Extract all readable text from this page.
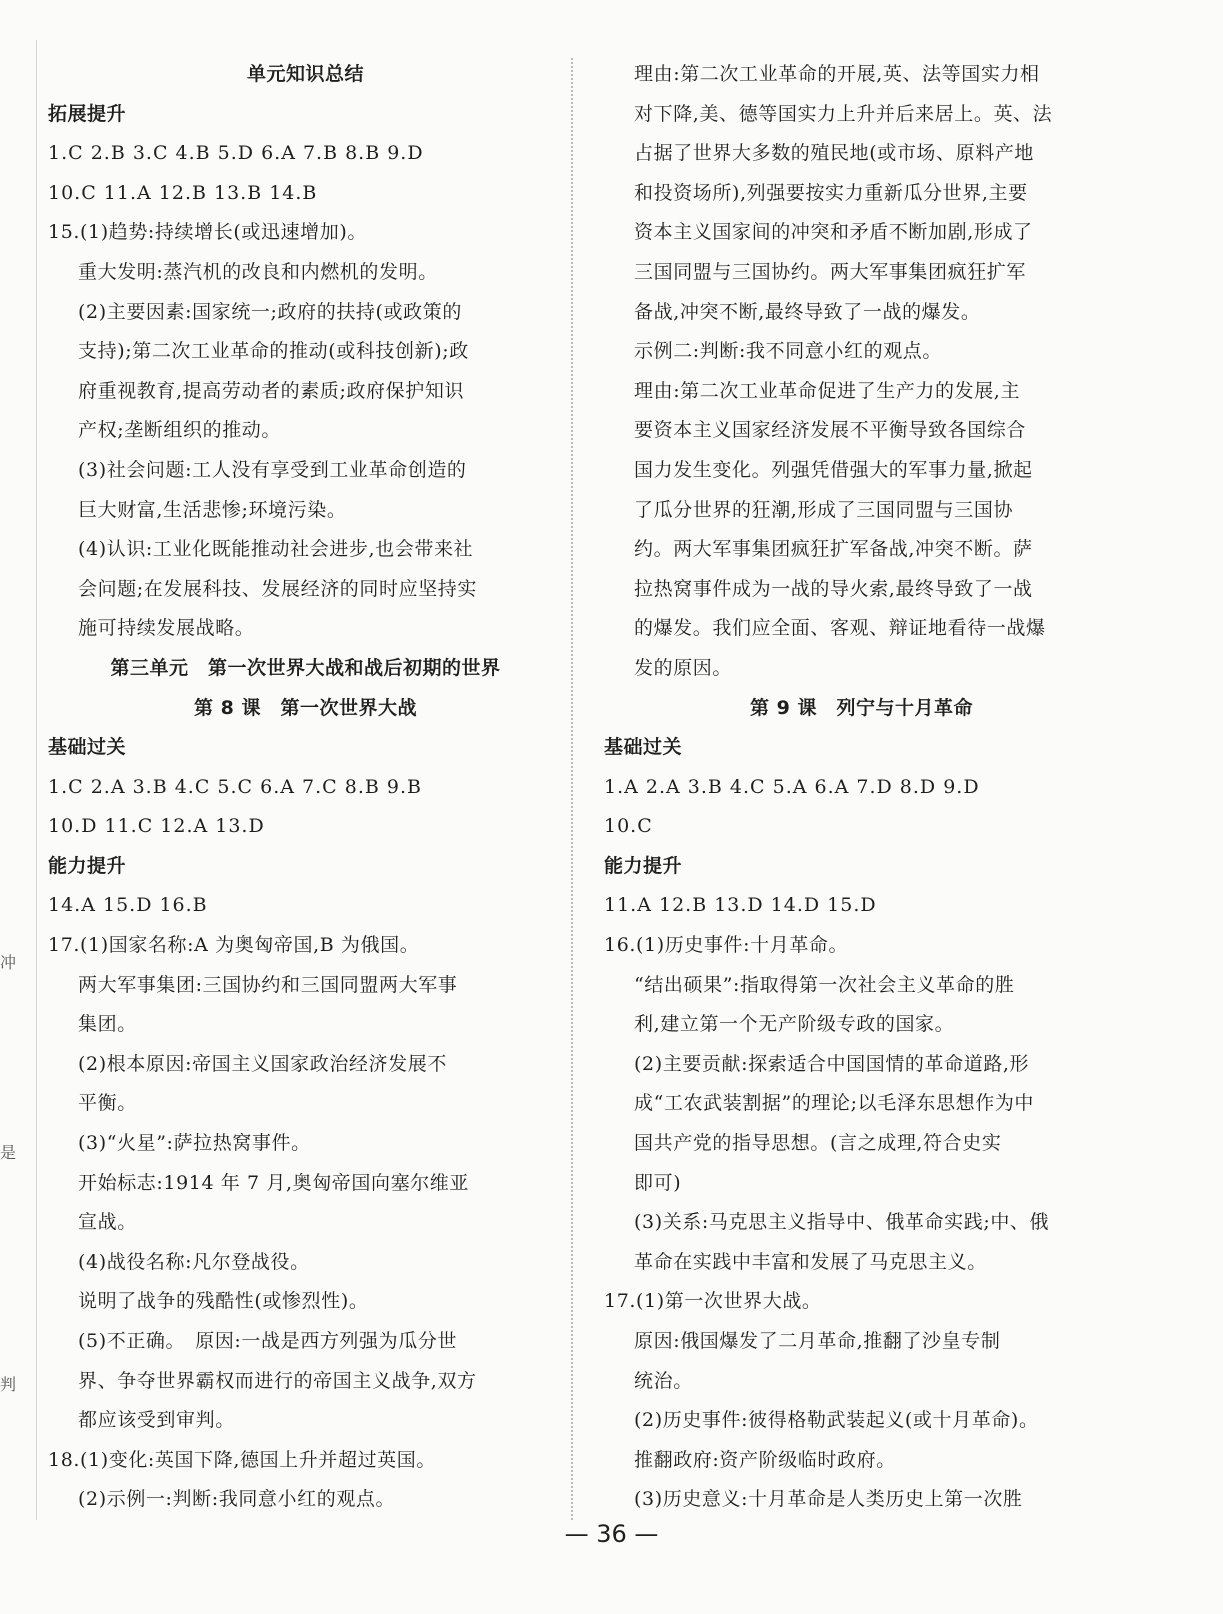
单元知识总结
拓展提升
1.C 2.B 3.C 4.B 5.D 6.A 7.B 8.B 9.D
10.C 11.A 12.B 13.B 14.B
15.(1)趋势:持续增长(或迅速增加)。
重大发明:蒸汽机的改良和内燃机的发明。
(2)主要因素:国家统一;政府的扶持(或政策的
支持);第二次工业革命的推动(或科技创新);政
府重视教育,提高劳动者的素质;政府保护知识
产权;垄断组织的推动。
(3)社会问题:工人没有享受到工业革命创造的
巨大财富,生活悲惨;环境污染。
(4)认识:工业化既能推动社会进步,也会带来社
会问题;在发展科技、发展经济的同时应坚持实
施可持续发展战略。
第三单元　第一次世界大战和战后初期的世界
第 8 课　第一次世界大战
基础过关
1.C 2.A 3.B 4.C 5.C 6.A 7.C 8.B 9.B
10.D 11.C 12.A 13.D
能力提升
14.A 15.D 16.B
17.(1)国家名称:A 为奥匈帝国,B 为俄国。
两大军事集团:三国协约和三国同盟两大军事
集团。
(2)根本原因:帝国主义国家政治经济发展不
平衡。
(3)“火星”:萨拉热窝事件。
开始标志:1914 年 7 月,奥匈帝国向塞尔维亚
宣战。
(4)战役名称:凡尔登战役。
说明了战争的残酷性(或惨烈性)。
(5)不正确。　原因:一战是西方列强为瓜分世
界、争夺世界霸权而进行的帝国主义战争,双方
都应该受到审判。
18.(1)变化:英国下降,德国上升并超过英国。
(2)示例一:判断:我同意小红的观点。
理由:第二次工业革命的开展,英、法等国实力相
对下降,美、德等国实力上升并后来居上。英、法
占据了世界大多数的殖民地(或市场、原料产地
和投资场所),列强要按实力重新瓜分世界,主要
资本主义国家间的冲突和矛盾不断加剧,形成了
三国同盟与三国协约。两大军事集团疯狂扩军
备战,冲突不断,最终导致了一战的爆发。
示例二:判断:我不同意小红的观点。
理由:第二次工业革命促进了生产力的发展,主
要资本主义国家经济发展不平衡导致各国综合
国力发生变化。列强凭借强大的军事力量,掀起
了瓜分世界的狂潮,形成了三国同盟与三国协
约。两大军事集团疯狂扩军备战,冲突不断。萨
拉热窝事件成为一战的导火索,最终导致了一战
的爆发。我们应全面、客观、辩证地看待一战爆
发的原因。
第 9 课　列宁与十月革命
基础过关
1.A 2.A 3.B 4.C 5.A 6.A 7.D 8.D 9.D
10.C
能力提升
11.A 12.B 13.D 14.D 15.D
16.(1)历史事件:十月革命。
“结出硕果”:指取得第一次社会主义革命的胜
利,建立第一个无产阶级专政的国家。
(2)主要贡献:探索适合中国国情的革命道路,形
成“工农武装割据”的理论;以毛泽东思想作为中
国共产党的指导思想。(言之成理,符合史实
即可)
(3)关系:马克思主义指导中、俄革命实践;中、俄
革命在实践中丰富和发展了马克思主义。
17.(1)第一次世界大战。
原因:俄国爆发了二月革命,推翻了沙皇专制
统治。
(2)历史事件:彼得格勒武装起义(或十月革命)。
推翻政府:资产阶级临时政府。
(3)历史意义:十月革命是人类历史上第一次胜
冲
是
判
— 36 —
